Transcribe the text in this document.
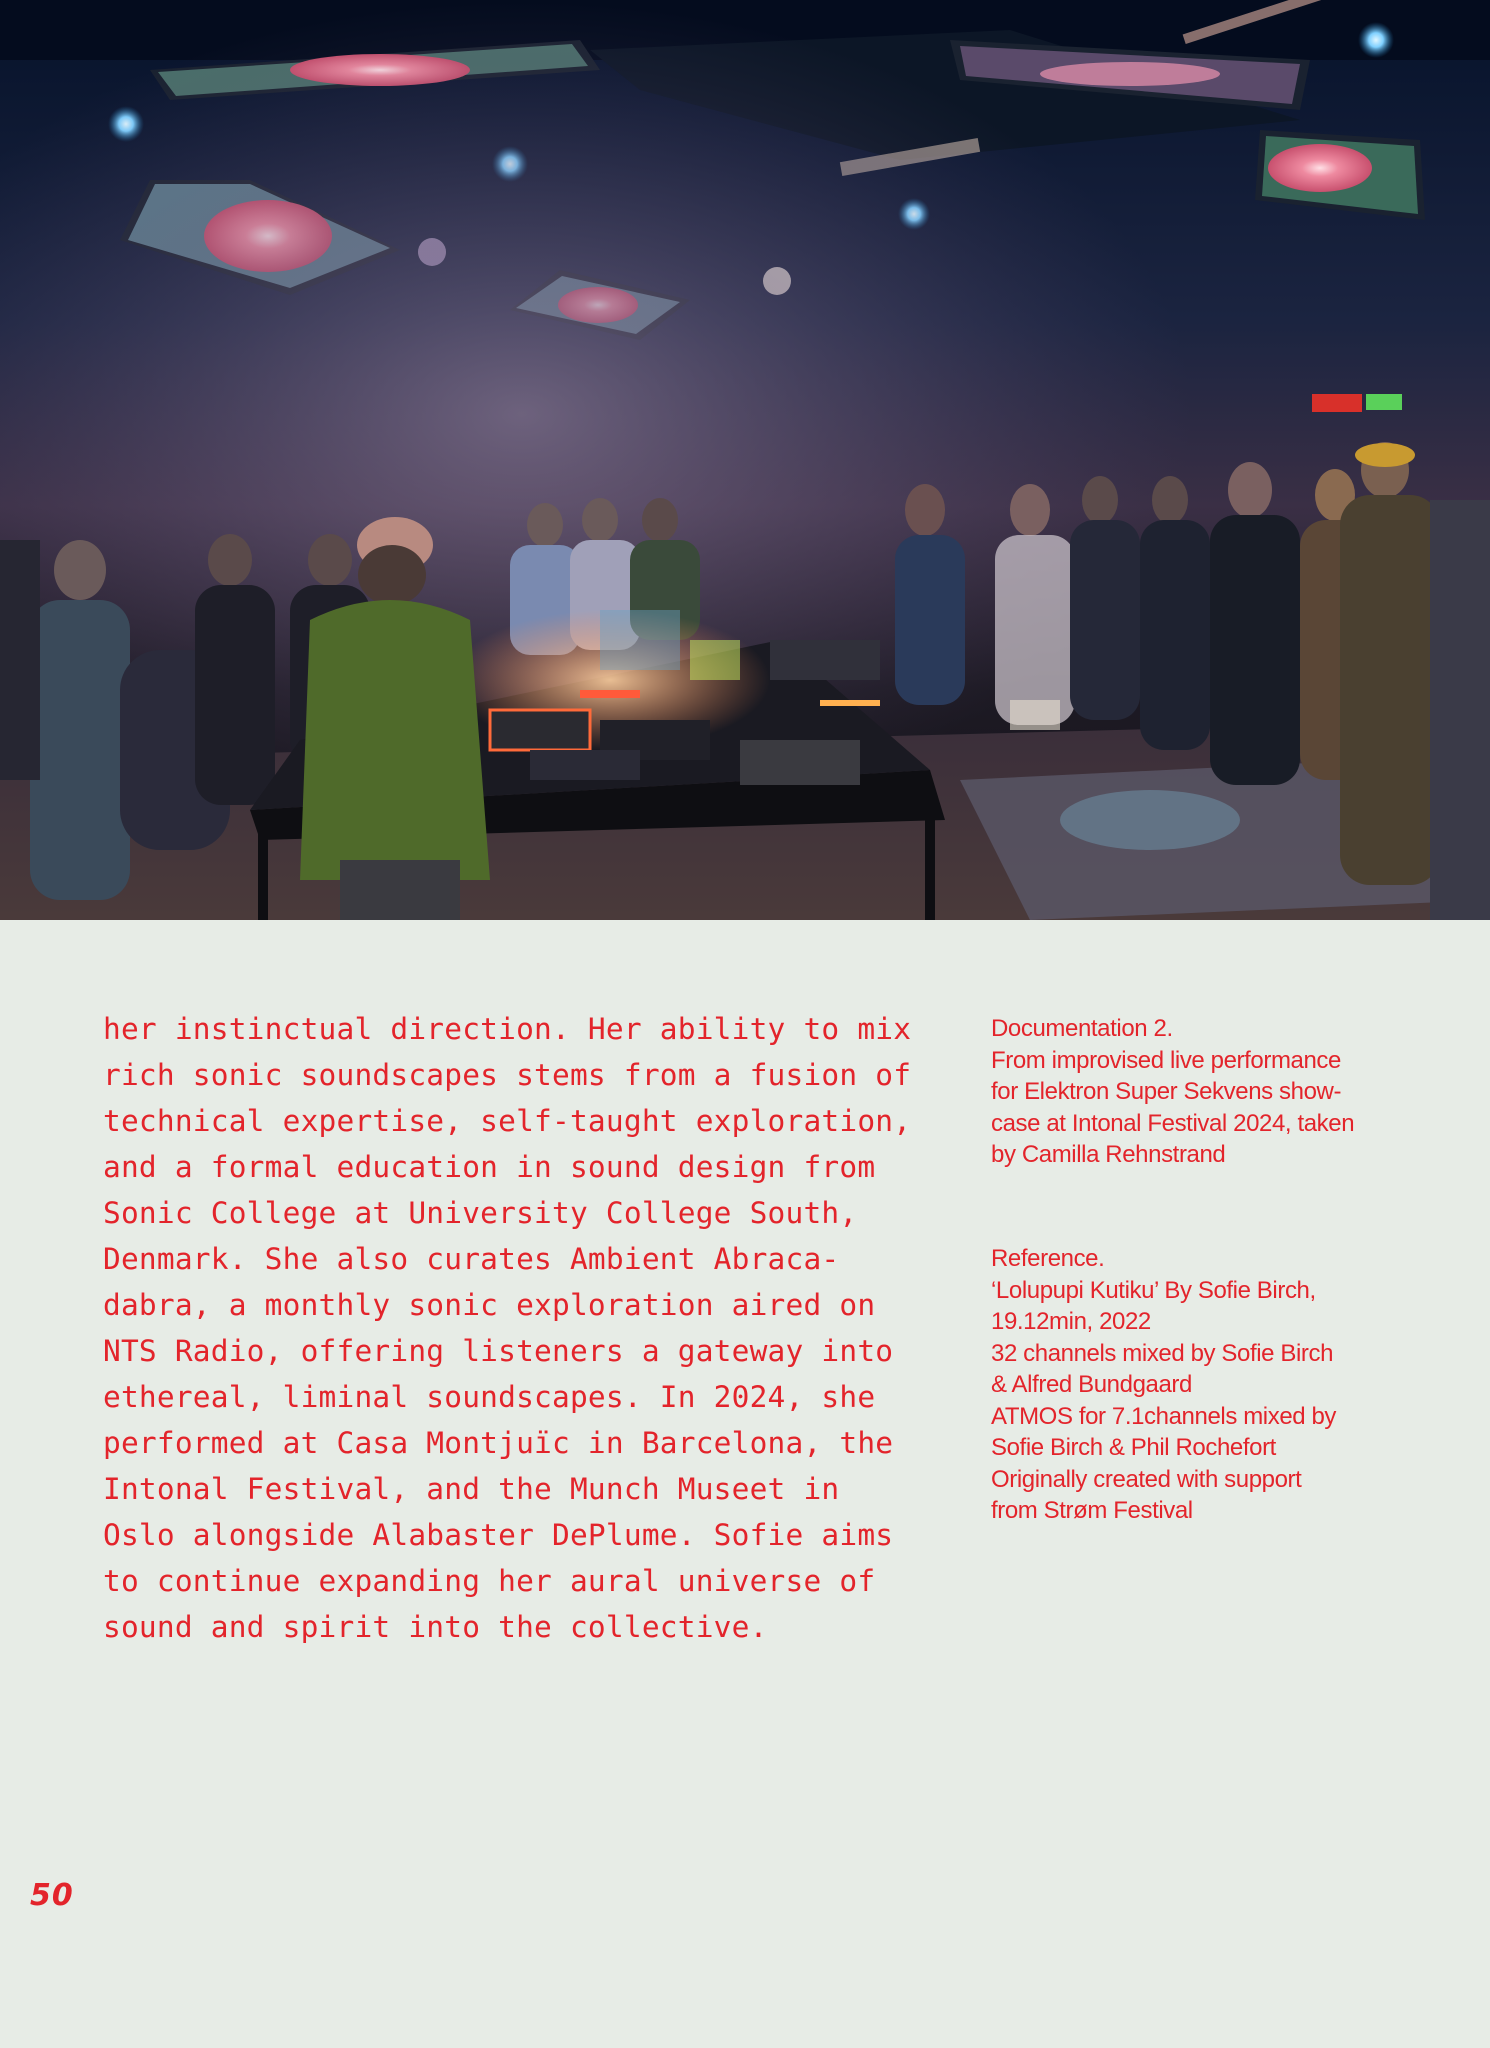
her instinctual direction. Her ability to mix
rich sonic soundscapes stems from a fusion of
technical expertise, self-taught exploration,
and a formal education in sound design from
Sonic College at University College South,
Denmark. She also curates Ambient Abraca-
dabra, a monthly sonic exploration aired on
NTS Radio, offering listeners a gateway into
ethereal, liminal soundscapes. In 2024, she
performed at Casa Montjuïc in Barcelona, the
Intonal Festival, and the Munch Museet in
Oslo alongside Alabaster DePlume. Sofie aims
to continue expanding her aural universe of
sound and spirit into the collective.

Documentation 2.
From improvised live performance
for Elektron Super Sekvens show-
case at Intonal Festival 2024, taken
by Camilla Rehnstrand

Reference.
‘Lolupupi Kutiku’ By Sofie Birch,
19.12min, 2022
32 channels mixed by Sofie Birch
& Alfred Bundgaard
ATMOS for 7.1channels mixed by
Sofie Birch & Phil Rochefort
Originally created with support
from Strøm Festival

50
